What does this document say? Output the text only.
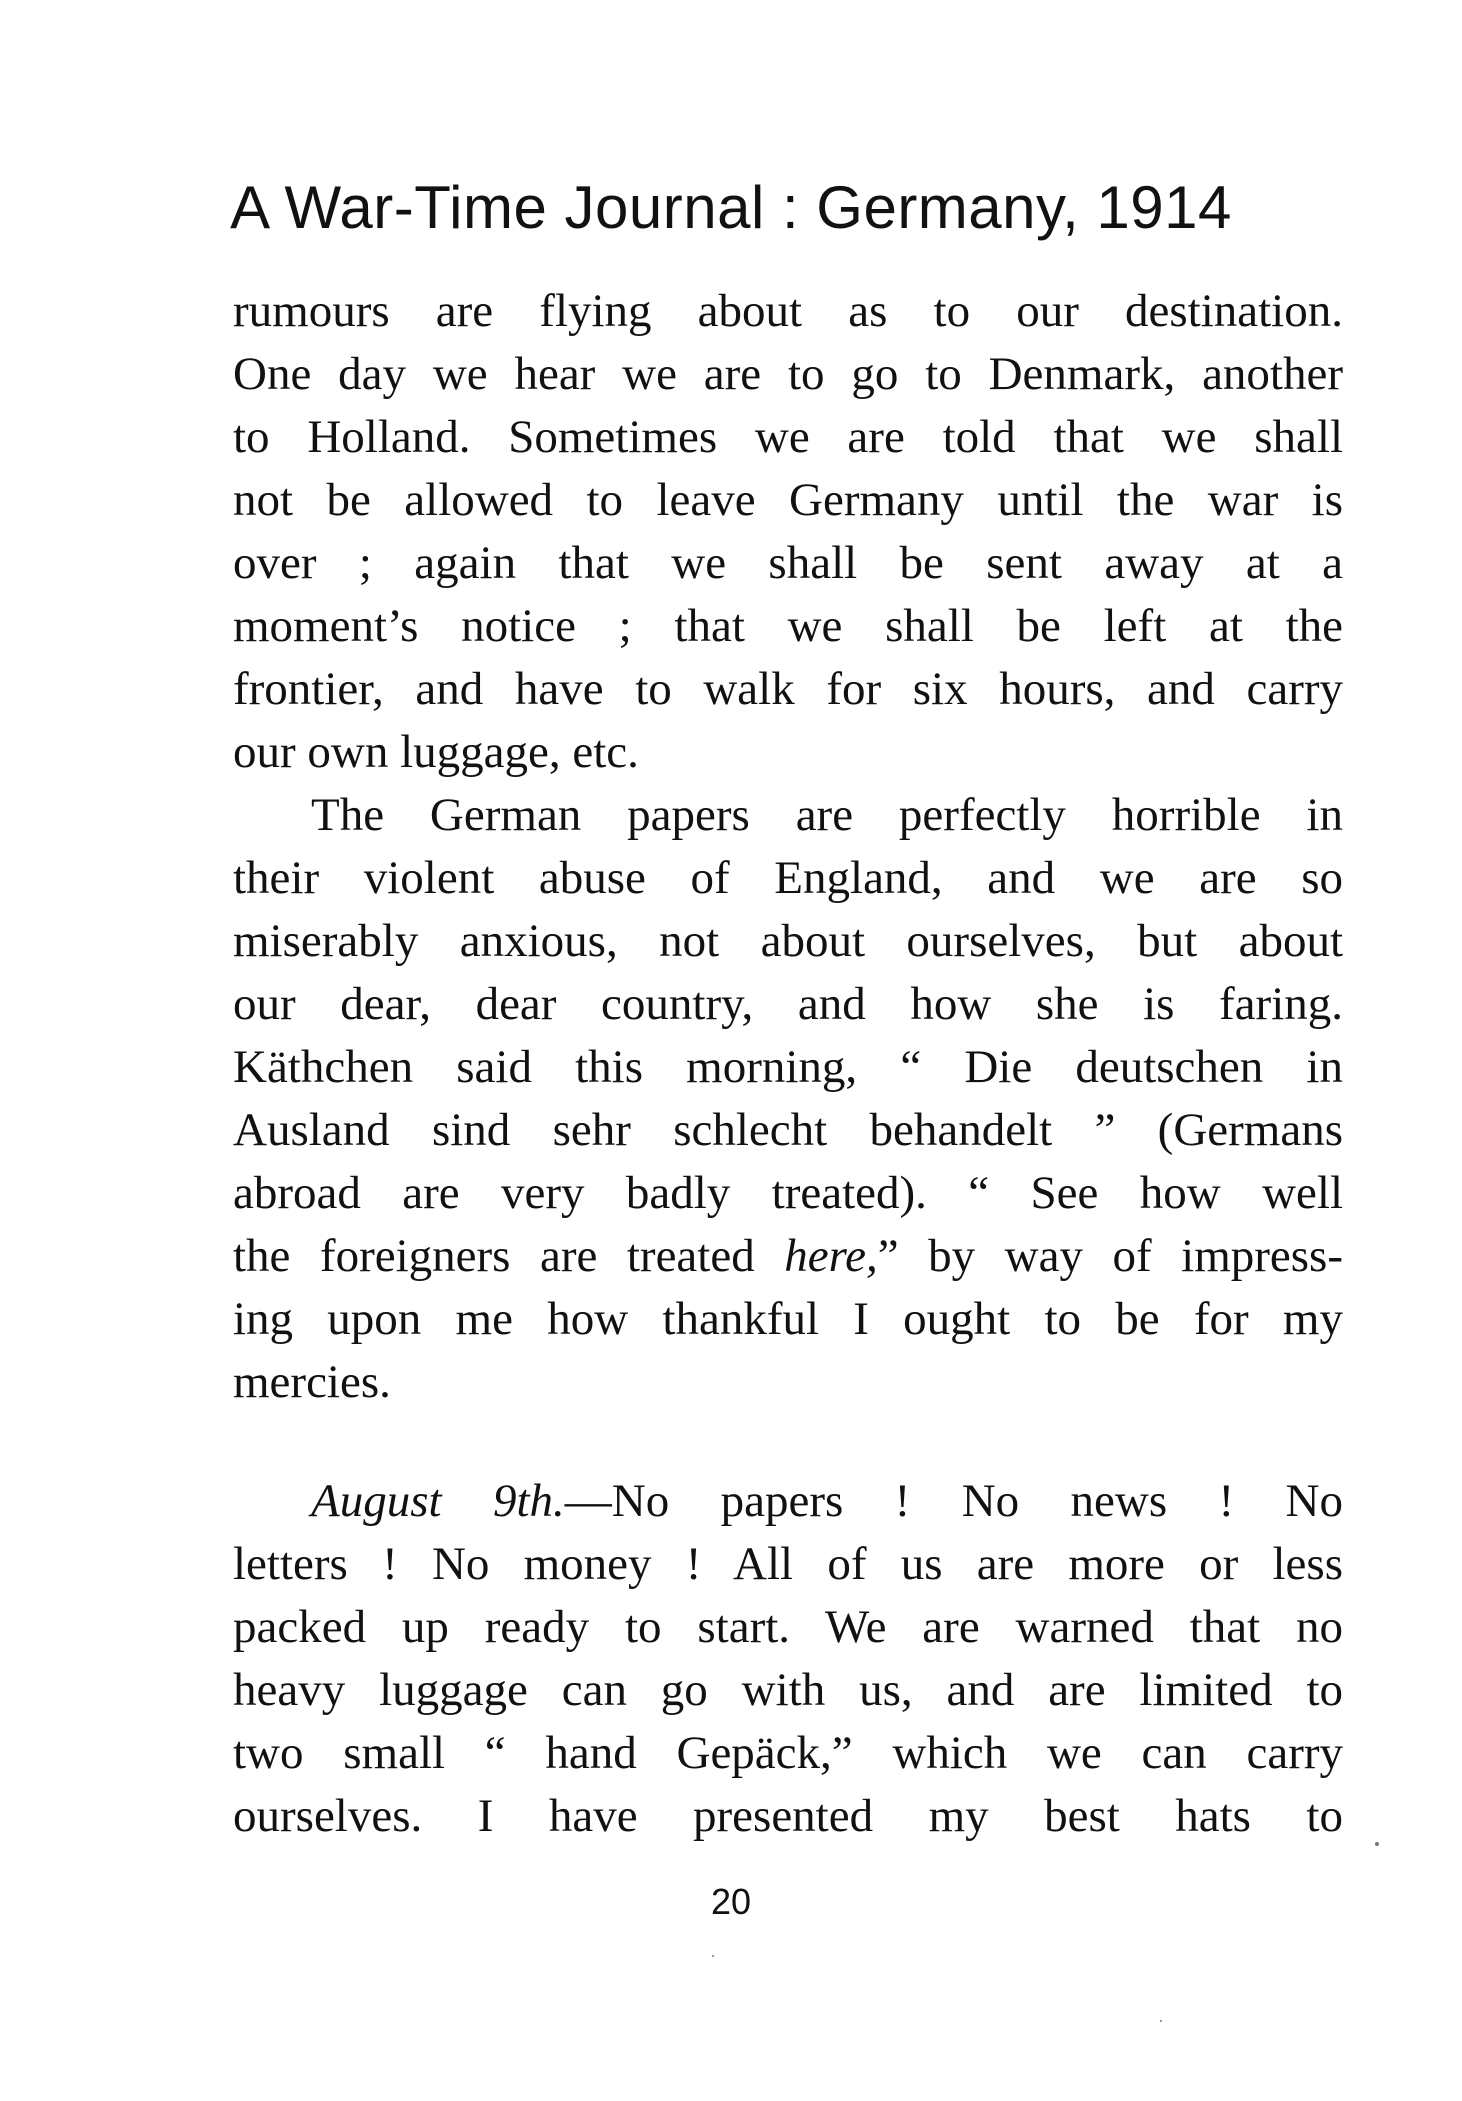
A War-Time Journal : Germany, 1914
rumours are flying about as to our destination.
One day we hear we are to go to Denmark, another
to Holland. Sometimes we are told that we shall
not be allowed to leave Germany until the war is
over ; again that we shall be sent away at a
moment’s notice ; that we shall be left at the
frontier, and have to walk for six hours, and carry
our own luggage, etc.
The German papers are perfectly horrible in
their violent abuse of England, and we are so
miserably anxious, not about ourselves, but about
our dear, dear country, and how she is faring.
Käthchen said this morning, “ Die deutschen in
Ausland sind sehr schlecht behandelt ” (Germans
abroad are very badly treated). “ See how well
the foreigners are treated here,” by way of impress-
ing upon me how thankful I ought to be for my
mercies.
August 9th.—No papers ! No news ! No
letters ! No money ! All of us are more or less
packed up ready to start. We are warned that no
heavy luggage can go with us, and are limited to
two small “ hand Gepäck,” which we can carry
ourselves. I have presented my best hats to
20
